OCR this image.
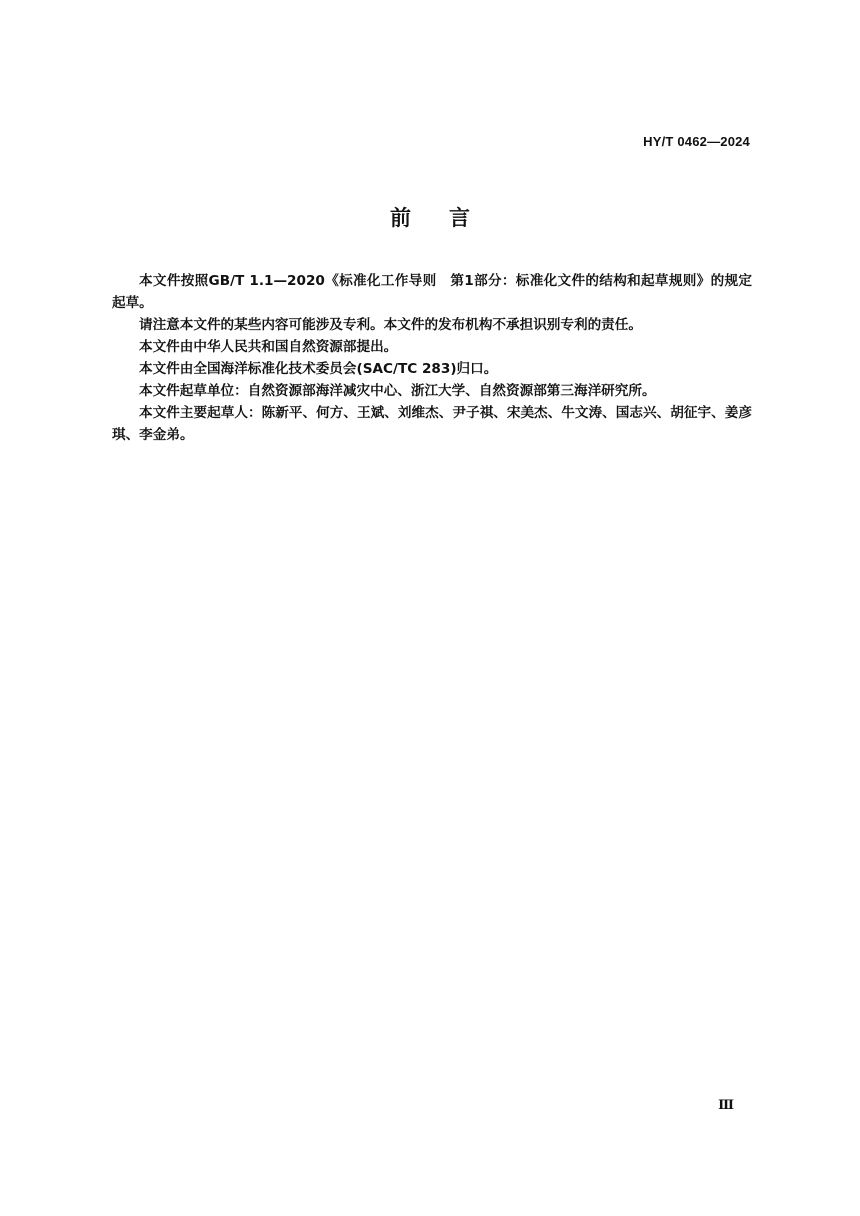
HY/T 0462—2024
前言

本文件按照GB/T 1.1—2020《标准化工作导则　第1部分：标准化文件的结构和起草规则》的规定起草。

请注意本文件的某些内容可能涉及专利。本文件的发布机构不承担识别专利的责任。

本文件由中华人民共和国自然资源部提出。

本文件由全国海洋标准化技术委员会(SAC/TC 283)归口。

本文件起草单位：自然资源部海洋减灾中心、浙江大学、自然资源部第三海洋研究所。

本文件主要起草人：陈新平、何方、王斌、刘维杰、尹子祺、宋美杰、牛文涛、国志兴、胡征宇、姜彦琪、李金弟。

Ⅲ
